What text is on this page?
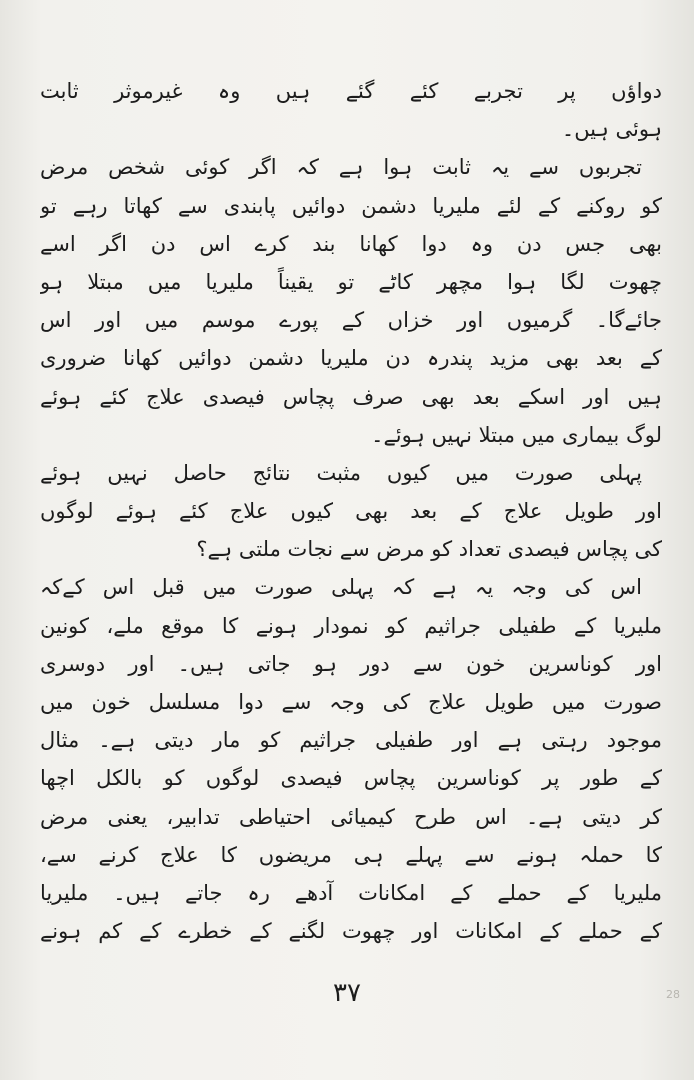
دواؤں پر تجربے کئے گئے ہیں وہ غیرموثر ثابت
ہوئی ہیں۔
تجربوں سے یہ ثابت ہوا ہے کہ اگر کوئی شخص مرض
کو روکنے کے لئے ملیریا دشمن دوائیں پابندی سے کھاتا رہے تو
بھی جس دن وہ دوا کھانا بند کرے اس دن اگر اسے
چھوت لگا ہوا مچھر کاٹے تو یقیناً ملیریا میں مبتلا ہو
جائےگا۔ گرمیوں اور خزاں کے پورے موسم میں اور اس
کے بعد بھی مزید پندرہ دن ملیریا دشمن دوائیں کھانا ضروری
ہیں اور اسکے بعد بھی صرف پچاس فیصدی علاج کئے ہوئے
لوگ بیماری میں مبتلا نہیں ہوئے۔
پہلی صورت میں کیوں مثبت نتائج حاصل نہیں ہوئے
اور طویل علاج کے بعد بھی کیوں علاج کئے ہوئے لوگوں
کی پچاس فیصدی تعداد کو مرض سے نجات ملتی ہے؟
اس کی وجہ یہ ہے کہ پہلی صورت میں قبل اس کےکہ
ملیریا کے طفیلی جراثیم کو نمودار ہونے کا موقع ملے، کونین
اور کوناسرین خون سے دور ہو جاتی ہیں۔ اور دوسری
صورت میں طویل علاج کی وجہ سے دوا مسلسل خون میں
موجود رہتی ہے اور طفیلی جراثیم کو مار دیتی ہے۔ مثال
کے طور پر کوناسرین پچاس فیصدی لوگوں کو بالکل اچھا
کر دیتی ہے۔ اس طرح کیمیائی احتیاطی تدابیر، یعنی مرض
کا حملہ ہونے سے پہلے ہی مریضوں کا علاج کرنے سے،
ملیریا کے حملے کے امکانات آدھے رہ جاتے ہیں۔ ملیریا
کے حملے کے امکانات اور چھوت لگنے کے خطرے کے کم ہونے
۳۷	28
